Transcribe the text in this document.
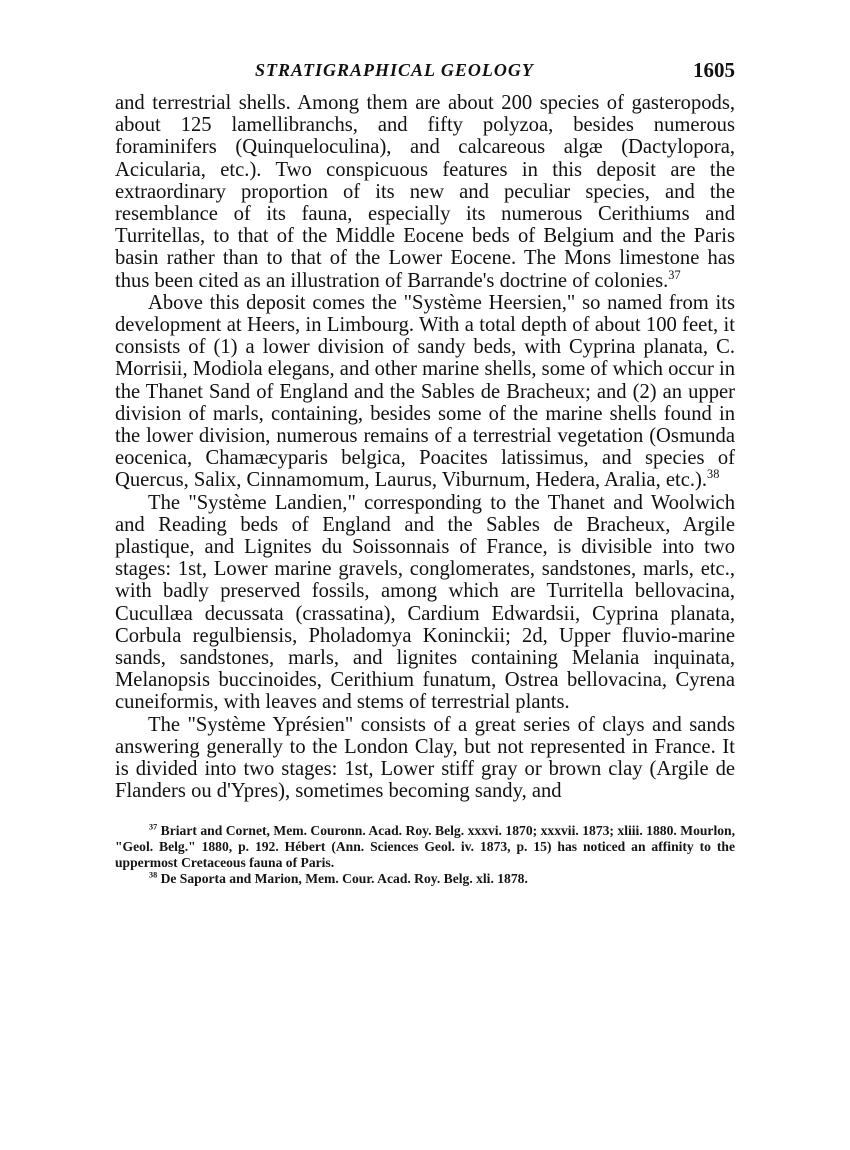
STRATIGRAPHICAL GEOLOGY	1605

and terrestrial shells. Among them are about 200 species of gasteropods, about 125 lamellibranchs, and fifty polyzoa, besides numerous foraminifers (Quinqueloculina), and calcareous algæ (Dactylopora, Acicularia, etc.). Two conspicuous features in this deposit are the extraordinary proportion of its new and peculiar species, and the resemblance of its fauna, especially its numerous Cerithiums and Turritellas, to that of the Middle Eocene beds of Belgium and the Paris basin rather than to that of the Lower Eocene. The Mons limestone has thus been cited as an illustration of Barrande's doctrine of colonies.$^{37}$

Above this deposit comes the "Système Heersien," so named from its development at Heers, in Limbourg. With a total depth of about 100 feet, it consists of (1) a lower division of sandy beds, with Cyprina planata, C. Morrisii, Modiola elegans, and other marine shells, some of which occur in the Thanet Sand of England and the Sables de Bracheux; and (2) an upper division of marls, containing, besides some of the marine shells found in the lower division, numerous remains of a terrestrial vegetation (Osmunda eocenica, Chamæcyparis belgica, Poacites latissimus, and species of Quercus, Salix, Cinnamomum, Laurus, Viburnum, Hedera, Aralia, etc.).$^{38}$

The "Système Landien," corresponding to the Thanet and Woolwich and Reading beds of England and the Sables de Bracheux, Argile plastique, and Lignites du Soissonnais of France, is divisible into two stages: 1st, Lower marine gravels, conglomerates, sandstones, marls, etc., with badly preserved fossils, among which are Turritella bellovacina, Cucullæa decussata (crassatina), Cardium Edwardsii, Cyprina planata, Corbula regulbiensis, Pholadomya Koninckii; 2d, Upper fluvio-marine sands, sandstones, marls, and lignites containing Melania inquinata, Melanopsis buccinoides, Cerithium funatum, Ostrea bellovacina, Cyrena cuneiformis, with leaves and stems of terrestrial plants.

The "Système Yprésien" consists of a great series of clays and sands answering generally to the London Clay, but not represented in France. It is divided into two stages: 1st, Lower stiff gray or brown clay (Argile de Flanders ou d'Ypres), sometimes becoming sandy, and

$^{37}$ Briart and Cornet, Mem. Couronn. Acad. Roy. Belg. xxxvi. 1870; xxxvii. 1873; xliii. 1880. Mourlon, "Geol. Belg." 1880, p. 192. Hébert (Ann. Sciences Geol. iv. 1873, p. 15) has noticed an affinity to the uppermost Cretaceous fauna of Paris.

$^{38}$ De Saporta and Marion, Mem. Cour. Acad. Roy. Belg. xli. 1878.
